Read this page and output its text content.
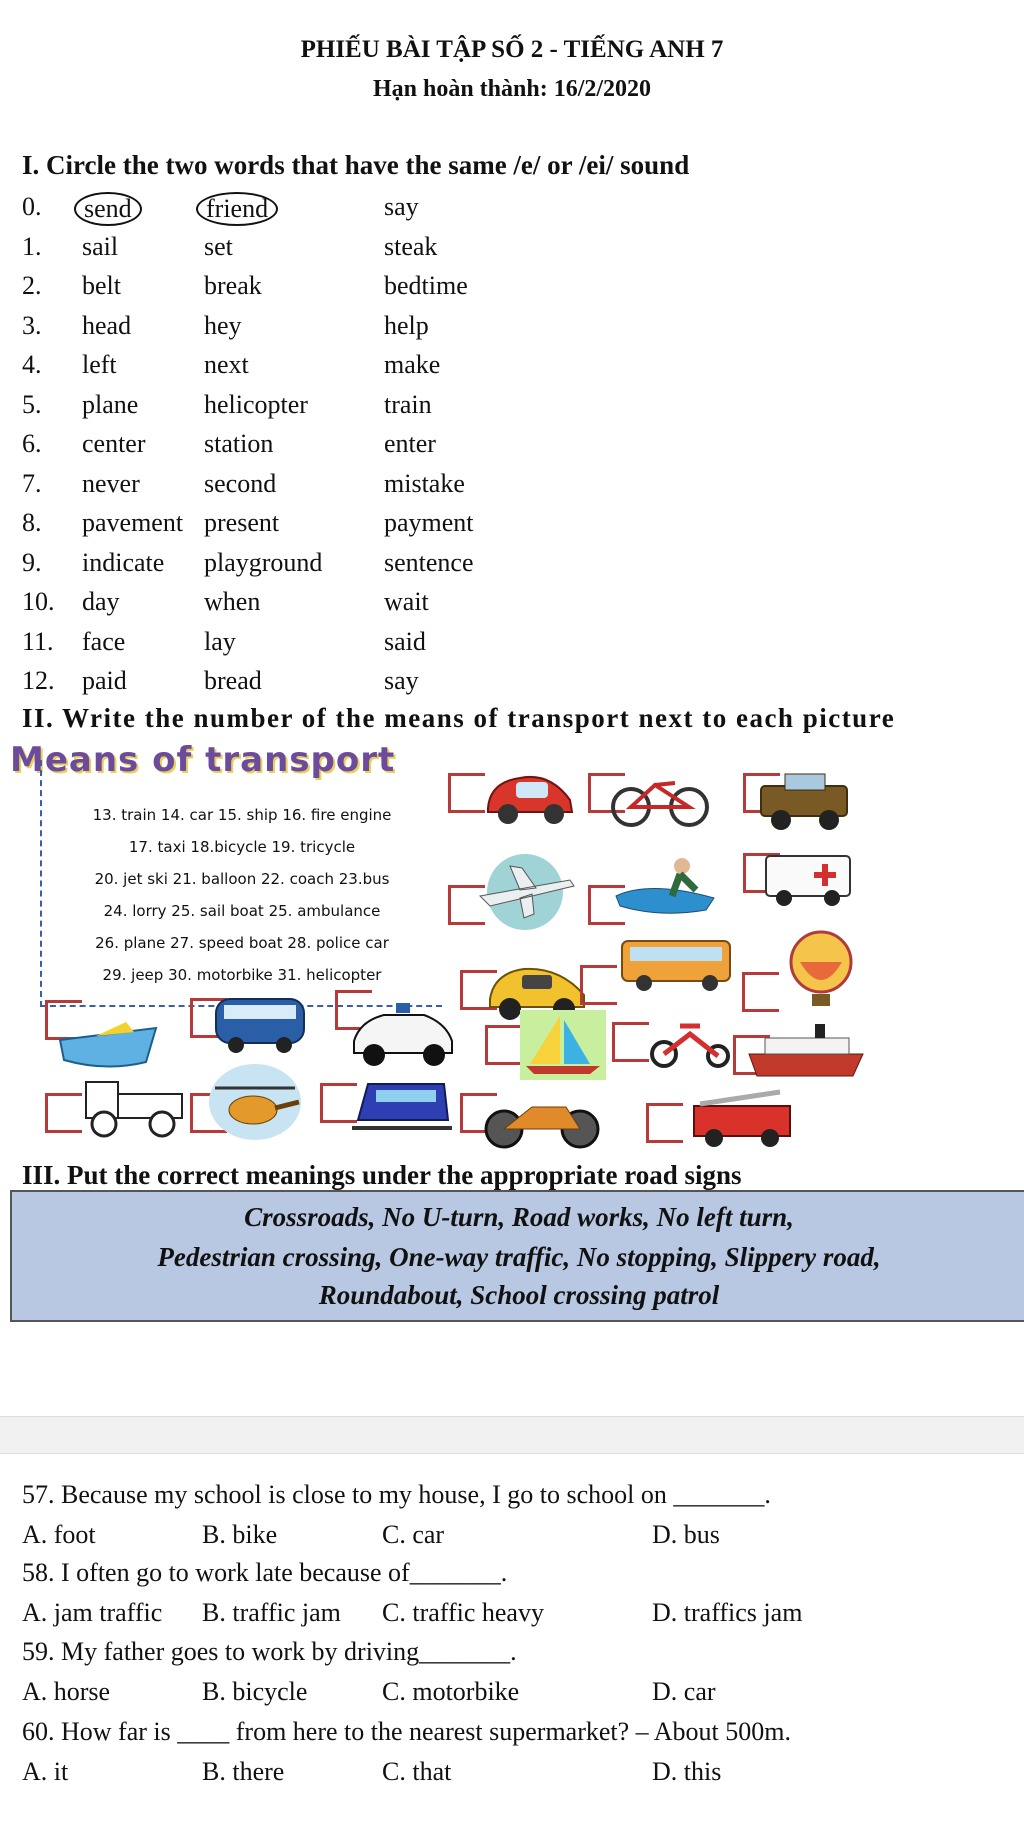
PHIẾU BÀI TẬP SỐ 2 - TIẾNG ANH 7
Hạn hoàn thành: 16/2/2020
I. Circle the two words that have the same /e/ or /ei/ sound
0.	send	friend	say
1. sail	set	steak
2. belt	break	bedtime
3. head	hey	help
4. left	next	make
5. plane	helicopter	train
6. center station	enter
7. never second	mistake
8. pavement present	payment
9. indicate playground sentence
10. day	when	wait
11. face	lay	said
12. paid	bread	say
II. Write the number of the means of transport next to each picture
Means of transport
13. train 14. car 15. ship 16. fire engine
17. taxi 18.bicycle 19. tricycle
20. jet ski 21. balloon 22. coach 23.bus
24. lorry 25. sail boat 25. ambulance
26. plane 27. speed boat 28. police car
29. jeep 30. motorbike 31. helicopter
III. Put the correct meanings under the appropriate road signs
Crossroads, No U-turn, Road works, No left turn,
Pedestrian crossing, One-way traffic, No stopping, Slippery road,
Roundabout, School crossing patrol
57. Because my school is close to my house, I go to school on _______.
A. foot	B. bike	C. car	D. bus
58. I often go to work late because of_______.
A. jam traffic B. traffic jam C. traffic heavy	D. traffics jam
59. My father goes to work by driving_______.
A. horse	B. bicycle	C. motorbike	D. car
60. How far is ____ from here to the nearest supermarket? – About 500m.
A. it	B. there	C. that	D. this
